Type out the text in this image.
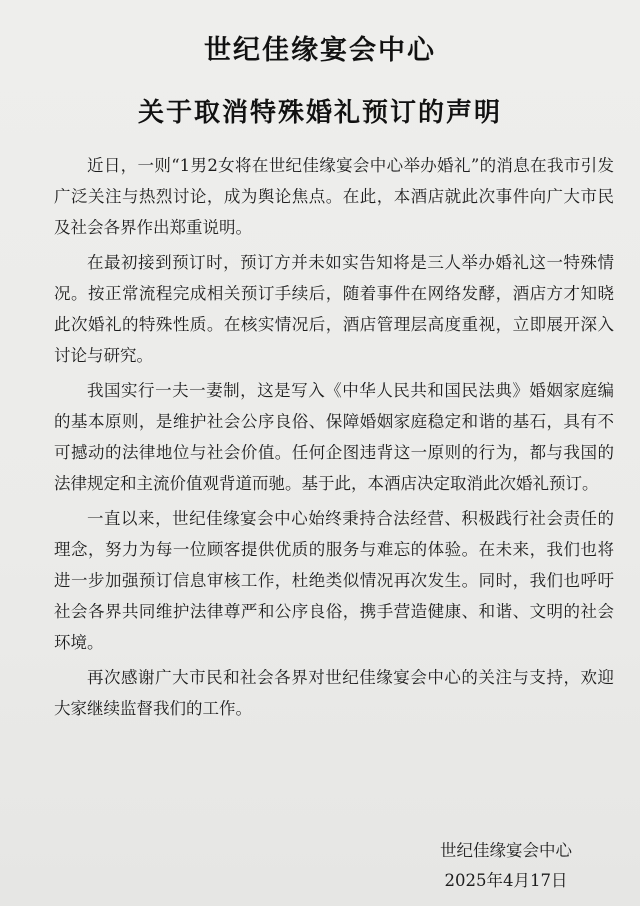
世纪佳缘宴会中心
关于取消特殊婚礼预订的声明

近日，一则“1男2女将在世纪佳缘宴会中心举办婚礼”的消息在我市引发广泛关注与热烈讨论，成为舆论焦点。在此，本酒店就此次事件向广大市民及社会各界作出郑重说明。

在最初接到预订时，预订方并未如实告知将是三人举办婚礼这一特殊情况。按正常流程完成相关预订手续后，随着事件在网络发酵，酒店方才知晓此次婚礼的特殊性质。在核实情况后，酒店管理层高度重视，立即展开深入讨论与研究。

我国实行一夫一妻制，这是写入《中华人民共和国民法典》婚姻家庭编的基本原则，是维护社会公序良俗、保障婚姻家庭稳定和谐的基石，具有不可撼动的法律地位与社会价值。任何企图违背这一原则的行为，都与我国的法律规定和主流价值观背道而驰。基于此，本酒店决定取消此次婚礼预订。

一直以来，世纪佳缘宴会中心始终秉持合法经营、积极践行社会责任的理念，努力为每一位顾客提供优质的服务与难忘的体验。在未来，我们也将进一步加强预订信息审核工作，杜绝类似情况再次发生。同时，我们也呼吁社会各界共同维护法律尊严和公序良俗，携手营造健康、和谐、文明的社会环境。

再次感谢广大市民和社会各界对世纪佳缘宴会中心的关注与支持，欢迎大家继续监督我们的工作。

世纪佳缘宴会中心
2025年4月17日
